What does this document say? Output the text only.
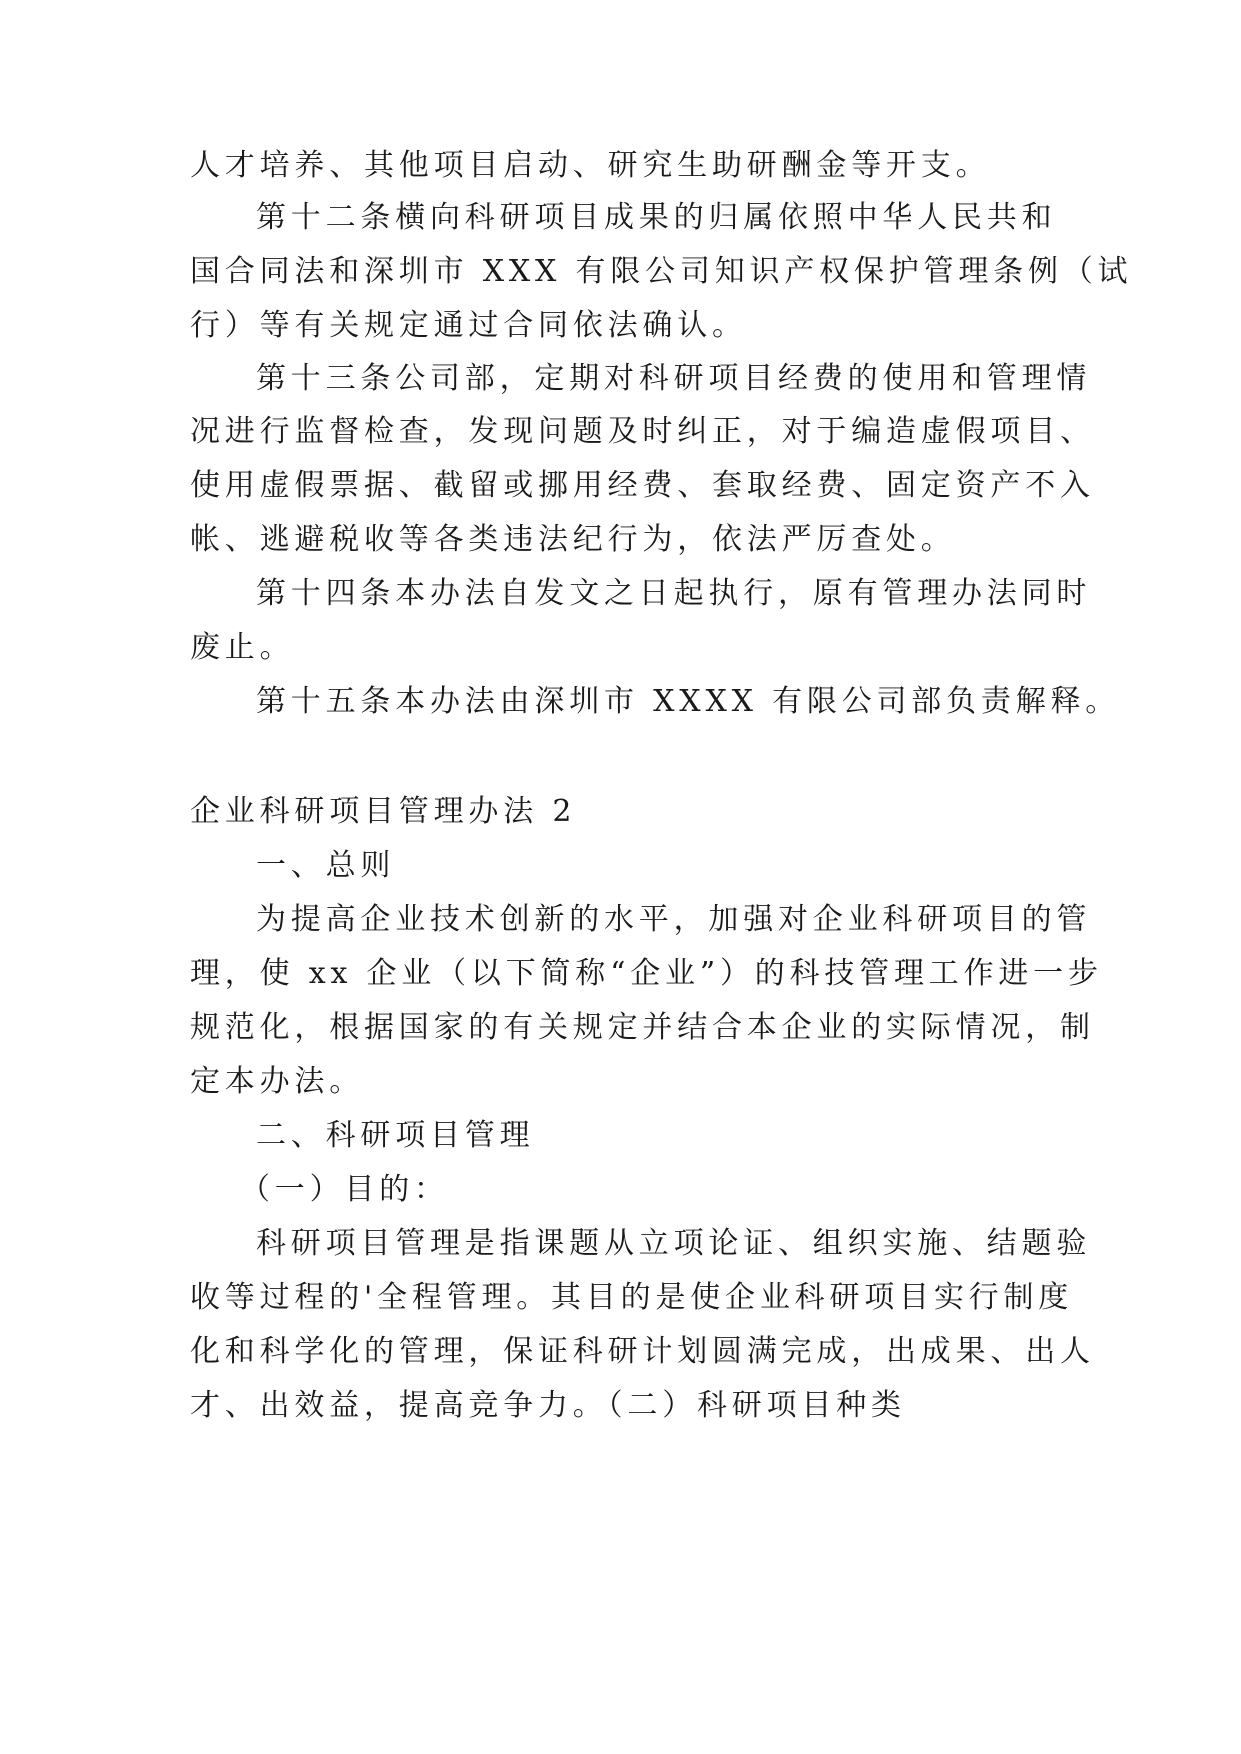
人才培养、其他项目启动、研究生助研酬金等开支。
第十二条横向科研项目成果的归属依照中华人民共和
国合同法和深圳市 XXX 有限公司知识产权保护管理条例（试
行）等有关规定通过合同依法确认。
第十三条公司部，定期对科研项目经费的使用和管理情
况进行监督检查，发现问题及时纠正，对于编造虚假项目、
使用虚假票据、截留或挪用经费、套取经费、固定资产不入
帐、逃避税收等各类违法纪行为，依法严厉查处。
第十四条本办法自发文之日起执行，原有管理办法同时
废止。
第十五条本办法由深圳市 XXXX 有限公司部负责解释。
企业科研项目管理办法 2
一、总则
为提高企业技术创新的水平，加强对企业科研项目的管
理，使 xx 企业（以下简称“企业”）的科技管理工作进一步
规范化，根据国家的有关规定并结合本企业的实际情况，制
定本办法。
二、科研项目管理
（一）目的：
科研项目管理是指课题从立项论证、组织实施、结题验
收等过程的'全程管理。其目的是使企业科研项目实行制度
化和科学化的管理，保证科研计划圆满完成，出成果、出人
才、出效益，提高竞争力。（二）科研项目种类
